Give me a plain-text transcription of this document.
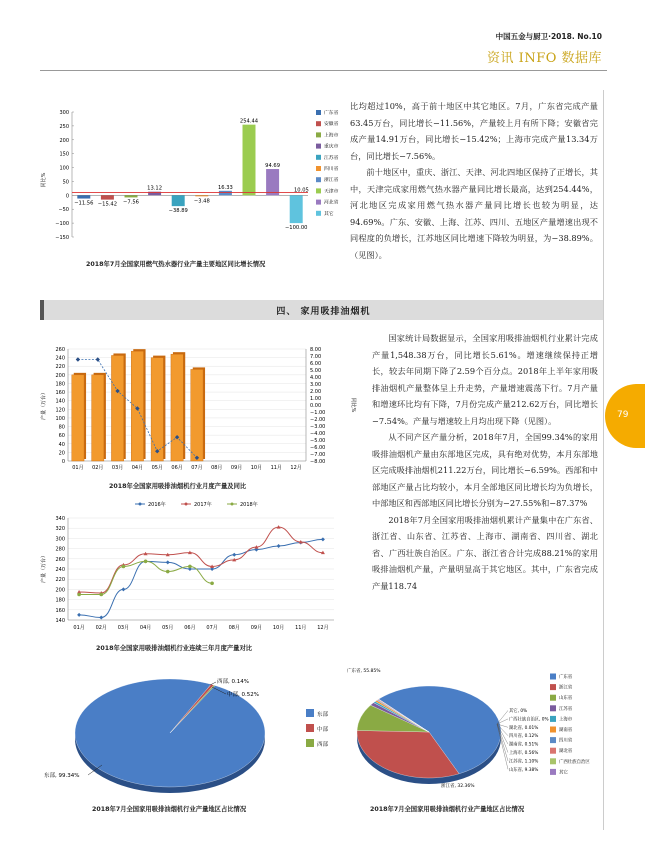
中国五金与厨卫·2018. No.10
资讯 INFO 数据库
79
同比%
300
250
200
150
100
50
0
−50
−100
−150
−11.56 −15.42 −7.56
13.12
−38.89
−3.48
16.33
254.44
94.69
−100.00
10.05
广东省
安徽省
上海市
重庆市
江苏省
四川省
浙江省
天津市
河北省
其它
2018年7月全国家用燃气热水器行业产量主要地区同比增长情况

比均超过10%，高于前十地区中其它地区。7月，广东省完成产量63.45万台，同比增长−11.56%，产量较上月有所下降；安徽省完成产量14.91万台，同比增长−15.42%；上海市完成产量13.34万台，同比增长−7.56%。

前十地区中，重庆、浙江、天津、河北四地区保持了正增长，其中，天津完成家用燃气热水器产量同比增长最高，达到254.44%，河北地区完成家用燃气热水器产量同比增长也较为明显，达94.69%。广东、安徽、上海、江苏、四川、五地区产量增速出现不同程度的负增长，江苏地区同比增速下降较为明显，为−38.89%。（见图）。

四、 家用吸排油烟机
产量（万台）	同比%
260
240
220
200
180
160
140
120
100
80
60
40
20
0
8.00
7.00
6.00
5.00
4.00
3.00
2.00
1.00
0.00
−1.00
−2.00
−3.00
−4.00
−5.00
−6.00
−7.00
−8.00
01月 02月 03月 04月 05月 06月 07月 08月 09月 10月 11月 12月
2018年全国家用吸排油烟机行业月度产量及同比
产量（万台）
340
320
300
280
260
240
220
200
180
160
140
01月 02月 03月 04月 05月 06月 07月 08月 09月 10月 11月 12月
2016年	2017年	2018年
2018年全国家用吸排油烟机行业连续三年月度产量对比

国家统计局数据显示，全国家用吸排油烟机行业累计完成产量1,548.38万台，同比增长5.61%。增速继续保持正增长，较去年同期下降了2.59个百分点。2018年上半年家用吸排油烟机产量整体呈上升走势，产量增速震荡下行。7月产量和增速环比均有下降，7月份完成产量212.62万台，同比增长−7.54%。产量与增速较上月均出现下降（见图）。

从不同产区产量分析，2018年7月，全国99.34%的家用吸排油烟机产量由东部地区完成，具有绝对优势，本月东部地区完成吸排油烟机211.22万台，同比增长−6.59%。西部和中部地区产量占比均较小，本月全部地区同比增长均为负增长，中部地区和西部地区同比增长分别为−27.55%和−87.37%

2018年7月全国家用吸排油烟机累计产量集中在广东省、浙江省、山东省、江苏省、上海市、湖南省、四川省、湖北省、广西壮族自治区。广东、浙江省合计完成88.21%的家用吸排油烟机产量，产量明显高于其它地区。其中，广东省完成产量118.74

西部, 0.14%
中部, 0.52%
东部, 99.34%
东部
中部
西部
2018年7月全国家用吸排油烟机行业产量地区占比情况
广东省, 55.85%
浙江省, 32.36%
其它, 0%
广西壮族自治区, 0%
湖北省, 0.01%
四川省, 0.12%
湖南省, 0.51%
上海市, 0.56%
江苏省, 1.10%
山东省, 9.38%
广东省
浙江省
山东省
江苏省
上海市
湖南省
四川省
湖北省
广西壮族自治区
其它
2018年7月全国家用吸排油烟机行业产量地区占比情况
